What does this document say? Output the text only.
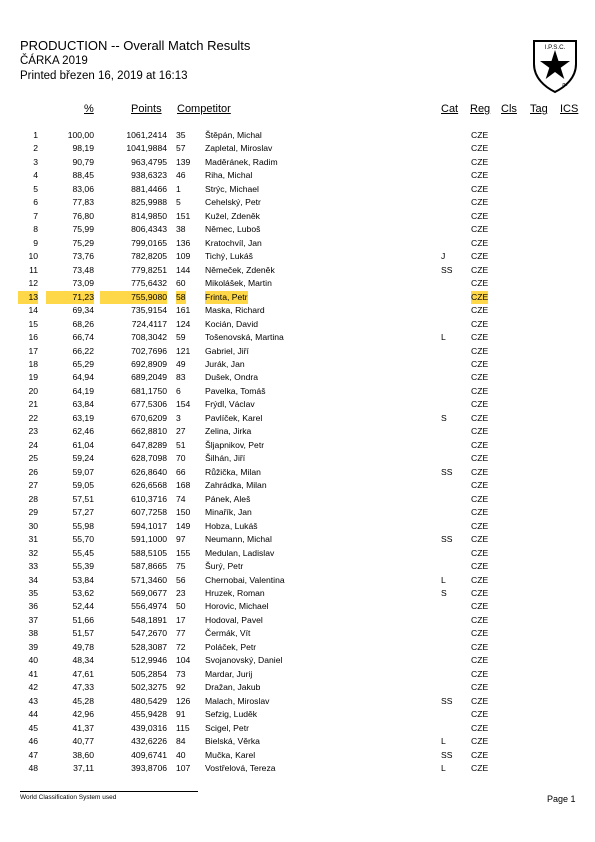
PRODUCTION -- Overall Match Results
ČÁRKA 2019
Printed březen 16, 2019 at 16:13
I.P.S.C.
ŋc
%	Points Competitor	Cat Reg Cls Tag ICS
1	100,00	1061,2414 35 Štěpán, Michal	CZE
2	98,19	1041,9884 57 Zapletal, Miroslav	CZE
3	90,79	963,4795 139 Maděránek, Radim	CZE
4	88,45	938,6323 46 Riha, Michal	CZE
5	83,06	881,4466 1	Strýc, Michael	CZE
6	77,83	825,9988 5	Cehelský, Petr	CZE
7	76,80	814,9850 151 Kužel, Zdeněk	CZE
8	75,99	806,4343 38 Němec, Luboš	CZE
9	75,29	799,0165 136 Kratochvíl, Jan	CZE
10	73,76	782,8205 109 Tichý, Lukáš	J	CZE
11	73,48	779,8251 144 Němeček, Zdeněk	SS CZE
12	73,09	775,6432 60 Mikolášek, Martin	CZE
13	71,23	755,9080 58 Frinta, Petr	CZE
14	69,34	735,9154 161 Maska, Richard	CZE
15	68,26	724,4117 124 Kocián, David	CZE
16	66,74	708,3042 59 Tošenovská, Martina	L	CZE
17	66,22	702,7696 121 Gabriel, Jiří	CZE
18	65,29	692,8909 49 Jurák, Jan	CZE
19	64,94	689,2049 83 Dušek, Ondra	CZE
20	64,19	681,1750 6	Pavelka, Tomáš	CZE
21	63,84	677,5306 154 Frýdl, Václav	CZE
22	63,19	670,6209 3	Pavlíček, Karel	S	CZE
23	62,46	662,8810 27 Zelina, Jirka	CZE
24	61,04	647,8289 51 Šljapnikov, Petr	CZE
25	59,24	628,7098 70 Šilhán, Jiří	CZE
26	59,07	626,8640 66 Růžička, Milan	SS CZE
27	59,05	626,6568 168 Zahrádka, Milan	CZE
28	57,51	610,3716 74 Pánek, Aleš	CZE
29	57,27	607,7258 150 Minařík, Jan	CZE
30	55,98	594,1017 149 Hobza, Lukáš	CZE
31	55,70	591,1000 97 Neumann, Michal	SS CZE
32	55,45	588,5105 155 Medulan, Ladislav	CZE
33	55,39	587,8665 75 Šurý, Petr	CZE
34	53,84	571,3460 56 Chernobai, Valentina	L	CZE
35	53,62	569,0677 23 Hruzek, Roman	S	CZE
36	52,44	556,4974 50 Horovic, Michael	CZE
37	51,66	548,1891 17 Hodoval, Pavel	CZE
38	51,57	547,2670 77 Čermák, Vít	CZE
39	49,78	528,3087 72 Poláček, Petr	CZE
40	48,34	512,9946 104 Svojanovský, Daniel	CZE
41	47,61	505,2854 73 Mardar, Jurij	CZE
42	47,33	502,3275 92 Dražan, Jakub	CZE
43	45,28	480,5429 126 Malach, Miroslav	SS CZE
44	42,96	455,9428 91 Sefzig, Luděk	CZE
45	41,37	439,0316 115 Scigel, Petr	CZE
46	40,77	432,6226 84 Bielská, Věrka	L	CZE
47	38,60	409,6741 40 Mučka, Karel	SS CZE
48	37,11	393,8706 107 Vostřelová, Tereza	L	CZE
World Classification System used	Page 1
